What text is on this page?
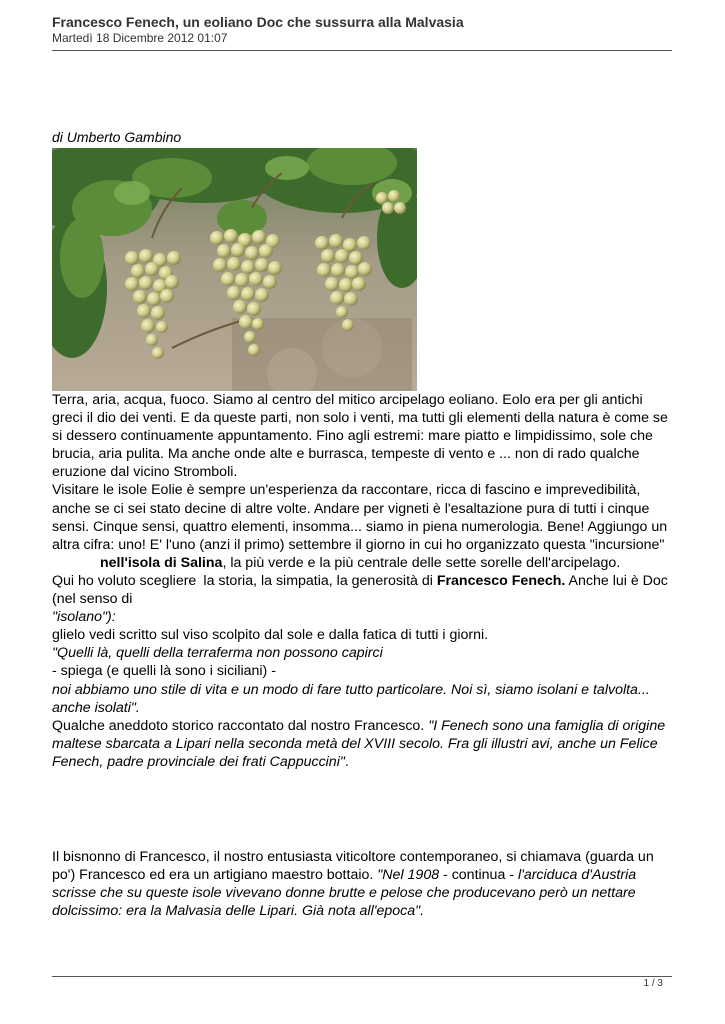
Francesco Fenech, un eoliano Doc che sussurra alla Malvasia
Martedì 18 Dicembre 2012 01:07
di Umberto Gambino

Terra, aria, acqua, fuoco. Siamo al centro del mitico arcipelago eoliano. Eolo era per gli antichi greci il dio dei venti. E da queste parti, non solo i venti, ma tutti gli elementi della natura è come se si dessero continuamente appuntamento. Fino agli estremi: mare piatto e limpidissimo, sole che brucia, aria pulita. Ma anche onde alte e burrasca, tempeste di vento e ... non di rado qualche eruzione dal vicino Stromboli.

Visitare le isole Eolie è sempre un'esperienza da raccontare, ricca di fascino e imprevedibilità, anche se ci sei stato decine di altre volte. Andare per vigneti è l'esaltazione pura di tutti i cinque sensi. Cinque sensi, quattro elementi, insomma... siamo in piena numerologia. Bene! Aggiungo un altra cifra: uno! E' l'uno (anzi il primo) settembre il giorno in cui ho organizzato questa "incursione"nell'isola di Salina, la più verde e la più centrale delle sette sorelle dell'arcipelago.

Qui ho voluto scegliere la storia, la simpatia, la generosità di Francesco Fenech. Anche lui è Doc (nel senso di

"isolano"):

glielo vedi scritto sul viso scolpito dal sole e dalla fatica di tutti i giorni.

"Quelli là, quelli della terraferma non possono capirci

- spiega (e quelli là sono i siciliani) -

noi abbiamo uno stile di vita e un modo di fare tutto particolare. Noi sì, siamo isolani e talvolta... anche isolati".

Qualche aneddoto storico raccontato dal nostro Francesco. "I Fenech sono una famiglia di origine maltese sbarcata a Lipari nella seconda metà del XVIII secolo. Fra gli illustri avi, anche un Felice Fenech, padre provinciale dei frati Cappuccini".

Il bisnonno di Francesco, il nostro entusiasta viticoltore contemporaneo, si chiamava (guarda un po') Francesco ed era un artigiano maestro bottaio. "Nel 1908 - continua - l'arciduca d'Austria scrisse che su queste isole vivevano donne brutte e pelose che producevano però un nettare dolcissimo: era la Malvasia delle Lipari. Già nota all'epoca". 

1 / 3
